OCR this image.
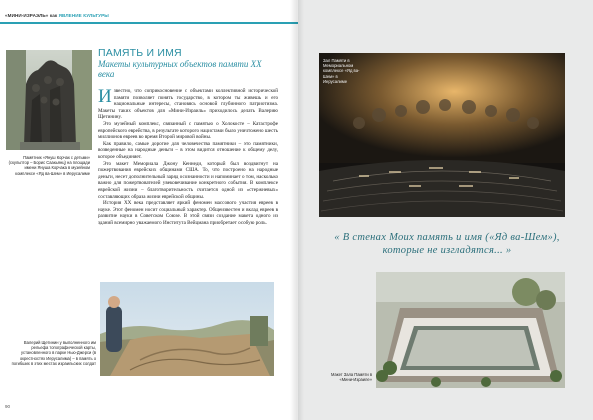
«МИНИ-ИЗРАЭЛЬ» как ЯВЛЕНИЕ КУЛЬТУРЫ
Памятник «Януш Корчак с детьми» (скульптор – Борис Саакьянц) на площади имени Януша Корчака в музейном комплексе «Яд ва-Шем» в Иерусалиме
Валерий Щетинин у выполненного им рельефа топографической карты, установленного в парке Нью-Джерси (в окрестностях Иерусалима) – в память о погибших в этих местах израильских солдат
ПАМЯТЬ И ИМЯ
Макеты культурных объектов памяти XX века

Известно, что соприкосновение с объектами коллективной исторической памяти позволяет понять государство, в котором ты живешь и его национальные интересы, становясь основой глубинного патриотизма. Макеты таких объектов для «Мини-Израиль» приходилось делать Валерию Щетинину.

Это музейный комплекс, связанный с памятью о Холокосте – Катастрофе европейского еврейства, в результате которого нацистами было уничтожено шесть миллионов евреев во время Второй мировой войны.

Как правило, самые дорогие для человечества памятники – это памятники, возведенные на народные деньги – в этом видится отношение к общему делу, которое объединяет.

Это макет Мемориала Джону Кеннеди, который был воздвигнут на пожертвования еврейских общинами США. То, что построено на народные деньги, несет дополнительный заряд осознанности и напоминает о том, насколько важно для пожертвователей увековечивание конкретного события. В комплексе еврейской жизни – благотворительность считается одной из «стержневых» составляющих образа жизни еврейской общины.

История XX века представляет яркий феномен массового участия евреев в науке. Этот феномен носит социальный характер. Общеизвестен и вклад евреев в развитие науки в Советском Союзе. В этой связи создание макета одного из зданий всемирно уважаемого Института Вейцмана приобретает особую роль.

90
Зал Памяти в Мемориальном комплексе «Яд ва-Шем» в Иерусалиме
« В стенах Моих память и имя («Яд ва-Шем»), которые не изгладятся... »
Макет Зала Памяти в «Мини-Израиле»
